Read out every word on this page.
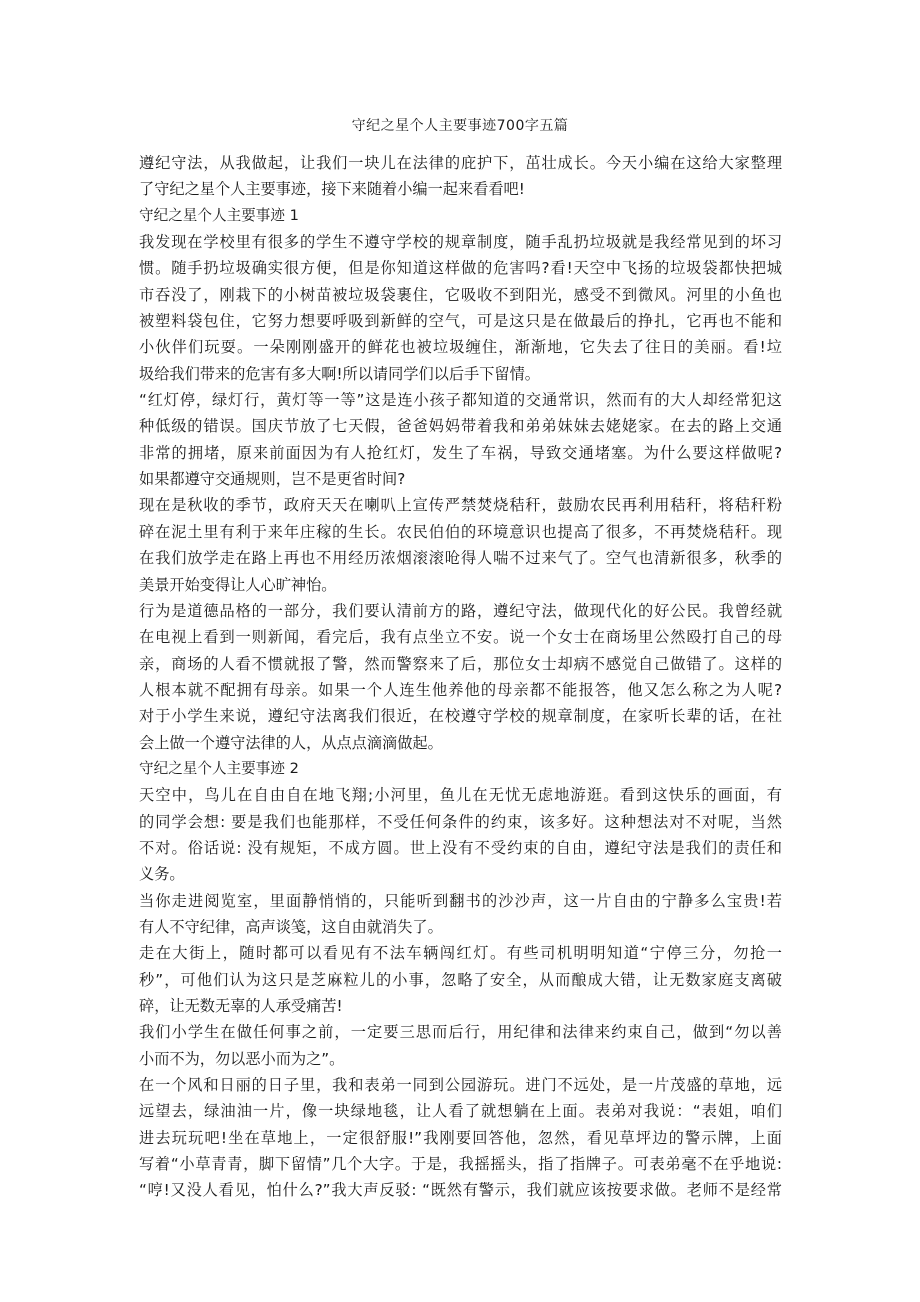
守纪之星个人主要事迹700字五篇
遵纪守法，从我做起，让我们一块儿在法律的庇护下，茁壮成长。今天小编在这给大家整理
了守纪之星个人主要事迹，接下来随着小编一起来看看吧!
守纪之星个人主要事迹 1
我发现在学校里有很多的学生不遵守学校的规章制度，随手乱扔垃圾就是我经常见到的坏习
惯。随手扔垃圾确实很方便，但是你知道这样做的危害吗?看!天空中飞扬的垃圾袋都快把城
市吞没了，刚栽下的小树苗被垃圾袋裹住，它吸收不到阳光，感受不到微风。河里的小鱼也
被塑料袋包住，它努力想要呼吸到新鲜的空气，可是这只是在做最后的挣扎，它再也不能和
小伙伴们玩耍。一朵刚刚盛开的鲜花也被垃圾缠住，渐渐地，它失去了往日的美丽。看!垃
圾给我们带来的危害有多大啊!所以请同学们以后手下留情。
“红灯停，绿灯行，黄灯等一等”这是连小孩子都知道的交通常识，然而有的大人却经常犯这
种低级的错误。国庆节放了七天假，爸爸妈妈带着我和弟弟妹妹去姥姥家。在去的路上交通
非常的拥堵，原来前面因为有人抢红灯，发生了车祸，导致交通堵塞。为什么要这样做呢?
如果都遵守交通规则，岂不是更省时间?
现在是秋收的季节，政府天天在喇叭上宣传严禁焚烧秸秆，鼓励农民再利用秸秆，将秸秆粉
碎在泥土里有利于来年庄稼的生长。农民伯伯的环境意识也提高了很多，不再焚烧秸秆。现
在我们放学走在路上再也不用经历浓烟滚滚呛得人喘不过来气了。空气也清新很多，秋季的
美景开始变得让人心旷神怡。
行为是道德品格的一部分，我们要认清前方的路，遵纪守法，做现代化的好公民。我曾经就
在电视上看到一则新闻，看完后，我有点坐立不安。说一个女士在商场里公然殴打自己的母
亲，商场的人看不惯就报了警，然而警察来了后，那位女士却病不感觉自己做错了。这样的
人根本就不配拥有母亲。如果一个人连生他养他的母亲都不能报答，他又怎么称之为人呢?
对于小学生来说，遵纪守法离我们很近，在校遵守学校的规章制度，在家听长辈的话，在社
会上做一个遵守法律的人，从点点滴滴做起。
守纪之星个人主要事迹 2
天空中，鸟儿在自由自在地飞翔;小河里，鱼儿在无忧无虑地游逛。看到这快乐的画面，有
的同学会想: 要是我们也能那样，不受任何条件的约束，该多好。这种想法对不对呢，当然
不对。俗话说: 没有规矩，不成方圆。世上没有不受约束的自由，遵纪守法是我们的责任和
义务。
当你走进阅览室，里面静悄悄的，只能听到翻书的沙沙声，这一片自由的宁静多么宝贵!若
有人不守纪律，高声谈笺，这自由就消失了。
走在大街上，随时都可以看见有不法车辆闯红灯。有些司机明明知道“宁停三分，勿抢一
秒”，可他们认为这只是芝麻粒儿的小事，忽略了安全，从而酿成大错，让无数家庭支离破
碎，让无数无辜的人承受痛苦!
我们小学生在做任何事之前，一定要三思而后行，用纪律和法律来约束自己，做到“勿以善
小而不为，勿以恶小而为之”。
在一个风和日丽的日子里，我和表弟一同到公园游玩。进门不远处，是一片茂盛的草地，远
远望去，绿油油一片，像一块绿地毯，让人看了就想躺在上面。表弟对我说：“表姐，咱们
进去玩玩吧!坐在草地上，一定很舒服!”我刚要回答他，忽然，看见草坪边的警示牌，上面
写着“小草青青，脚下留情”几个大字。于是，我摇摇头，指了指牌子。可表弟毫不在乎地说:
“哼!又没人看见，怕什么?”我大声反驳: “既然有警示，我们就应该按要求做。老师不是经常
